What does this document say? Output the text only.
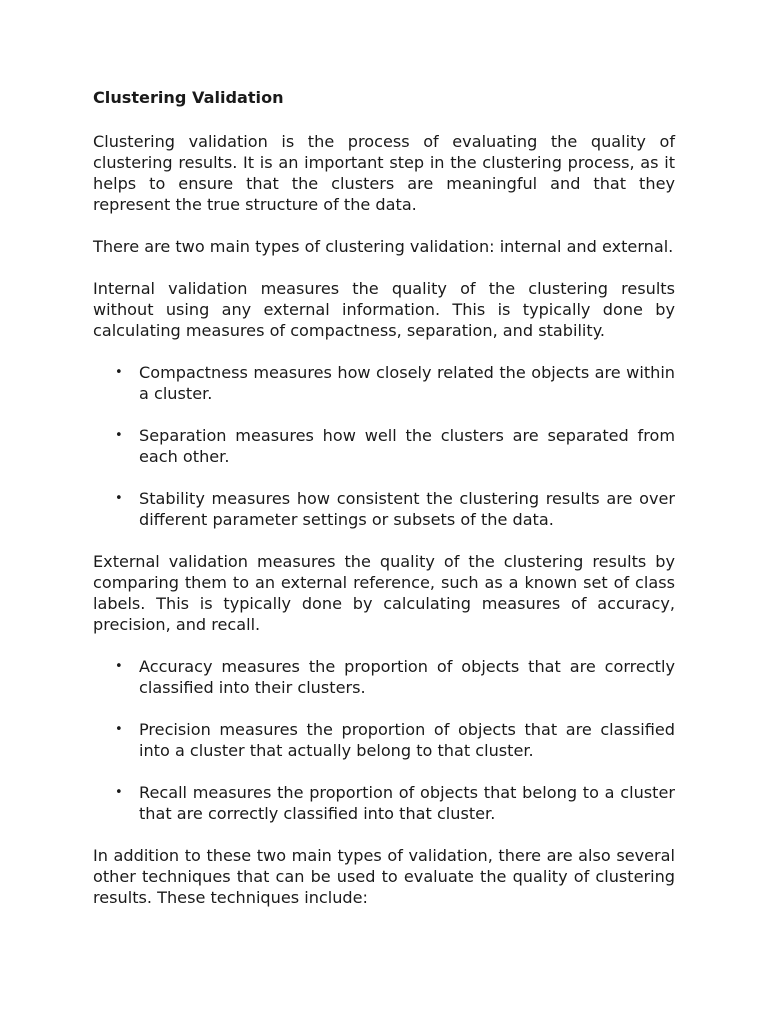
Clustering Validation

Clustering validation is the process of evaluating the quality of clustering results. It is an important step in the clustering process, as it helps to ensure that the clusters are meaningful and that they represent the true structure of the data.

There are two main types of clustering validation: internal and external.

Internal validation measures the quality of the clustering results without using any external information. This is typically done by calculating measures of compactness, separation, and stability.

• Compactness measures how closely related the objects are within a cluster.
• Separation measures how well the clusters are separated from each other.
• Stability measures how consistent the clustering results are over different parameter settings or subsets of the data.

External validation measures the quality of the clustering results by comparing them to an external reference, such as a known set of class labels. This is typically done by calculating measures of accuracy, precision, and recall.

• Accuracy measures the proportion of objects that are correctly classified into their clusters.
• Precision measures the proportion of objects that are classified into a cluster that actually belong to that cluster.
• Recall measures the proportion of objects that belong to a cluster that are correctly classified into that cluster.

In addition to these two main types of validation, there are also several other techniques that can be used to evaluate the quality of clustering results. These techniques include:
